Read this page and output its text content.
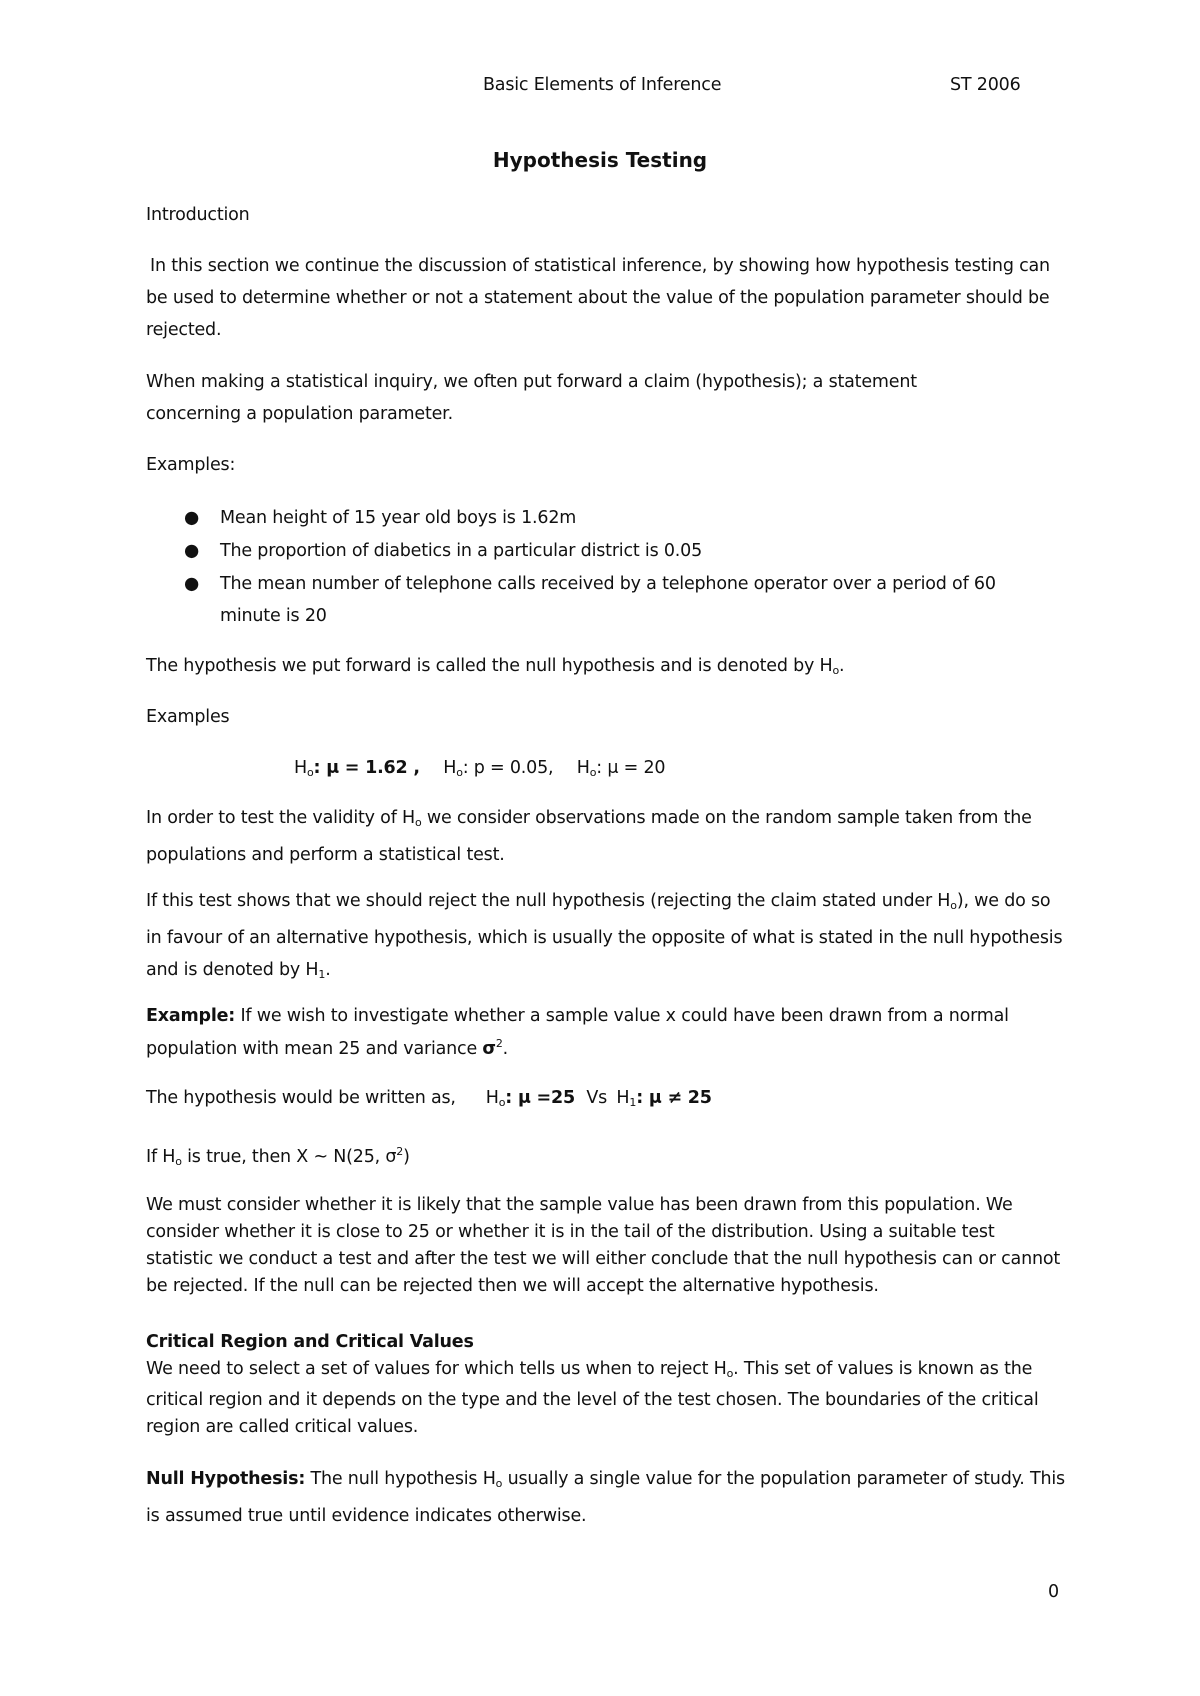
Basic Elements of Inference	ST 2006
Hypothesis Testing
Introduction
In this section we continue the discussion of statistical inference, by showing how hypothesis testing can be used to determine whether or not a statement about the value of the population parameter should be rejected.
When making a statistical inquiry, we often put forward a claim (hypothesis); a statement concerning a population parameter.
Examples:
● Mean height of 15 year old boys is 1.62m
● The proportion of diabetics in a particular district is 0.05
● The mean number of telephone calls received by a telephone operator over a period of 60 minute is 20
The hypothesis we put forward is called the null hypothesis and is denoted by $H_o$.
Examples
$H_o$: μ = 1.62 , $H_o$: p = 0.05, $H_o$: μ = 20
In order to test the validity of $H_o$ we consider observations made on the random sample taken from the populations and perform a statistical test.
If this test shows that we should reject the null hypothesis (rejecting the claim stated under $H_o$), we do so in favour of an alternative hypothesis, which is usually the opposite of what is stated in the null hypothesis and is denoted by $H_1$.
Example: If we wish to investigate whether a sample value x could have been drawn from a normal population with mean 25 and variance $\sigma^2$.
The hypothesis would be written as, $H_o$: μ =25 Vs $H_1$: μ ≠ 25
If $H_o$ is true, then X ~ N(25, $\sigma^2$)
We must consider whether it is likely that the sample value has been drawn from this population. We consider whether it is close to 25 or whether it is in the tail of the distribution. Using a suitable test statistic we conduct a test and after the test we will either conclude that the null hypothesis can or cannot be rejected. If the null can be rejected then we will accept the alternative hypothesis.
Critical Region and Critical Values
We need to select a set of values for which tells us when to reject $H_o$. This set of values is known as the critical region and it depends on the type and the level of the test chosen. The boundaries of the critical region are called critical values.
Null Hypothesis: The null hypothesis $H_o$ usually a single value for the population parameter of study. This is assumed true until evidence indicates otherwise.
0
